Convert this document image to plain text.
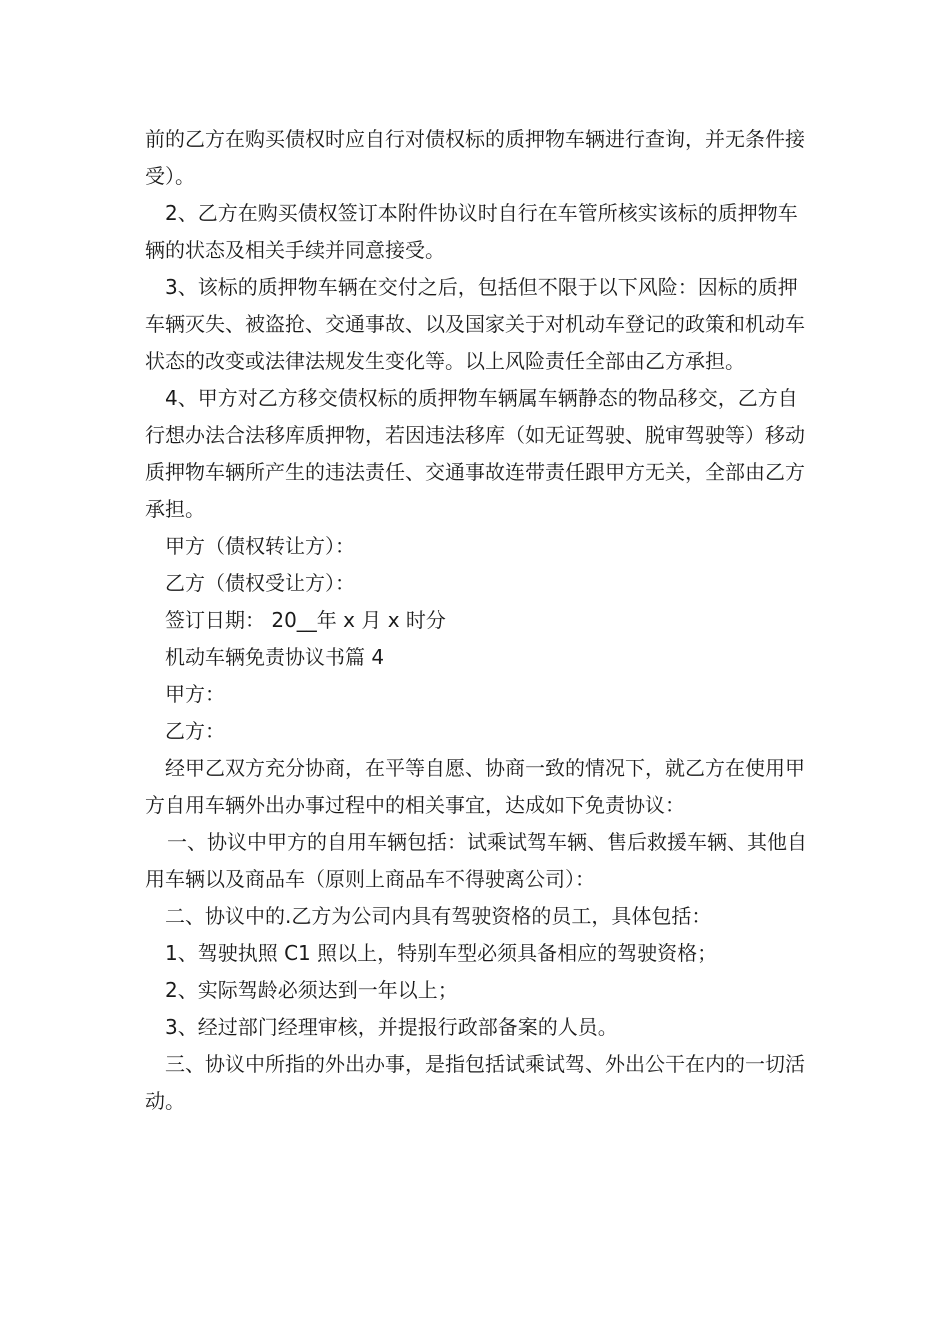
前的乙方在购买债权时应自行对债权标的质押物车辆进行查询，并无条件接受）。

2、乙方在购买债权签订本附件协议时自行在车管所核实该标的质押物车辆的状态及相关手续并同意接受。

3、该标的质押物车辆在交付之后，包括但不限于以下风险：因标的质押车辆灭失、被盗抢、交通事故、以及国家关于对机动车登记的政策和机动车状态的改变或法律法规发生变化等。以上风险责任全部由乙方承担。

4、甲方对乙方移交债权标的质押物车辆属车辆静态的物品移交，乙方自行想办法合法移库质押物，若因违法移库（如无证驾驶、脱审驾驶等）移动质押物车辆所产生的违法责任、交通事故连带责任跟甲方无关，全部由乙方承担。

甲方（债权转让方）：

乙方（债权受让方）：

签订日期： 20__年 x 月 x 时分

机动车辆免责协议书篇 4

甲方：

乙方：

经甲乙双方充分协商，在平等自愿、协商一致的情况下，就乙方在使用甲方自用车辆外出办事过程中的相关事宜，达成如下免责协议：

一、协议中甲方的自用车辆包括：试乘试驾车辆、售后救援车辆、其他自用车辆以及商品车（原则上商品车不得驶离公司）：

二、协议中的.乙方为公司内具有驾驶资格的员工，具体包括：

1、驾驶执照 C1 照以上，特别车型必须具备相应的驾驶资格；

2、实际驾龄必须达到一年以上；

3、经过部门经理审核，并提报行政部备案的人员。

三、协议中所指的外出办事，是指包括试乘试驾、外出公干在内的一切活动。
